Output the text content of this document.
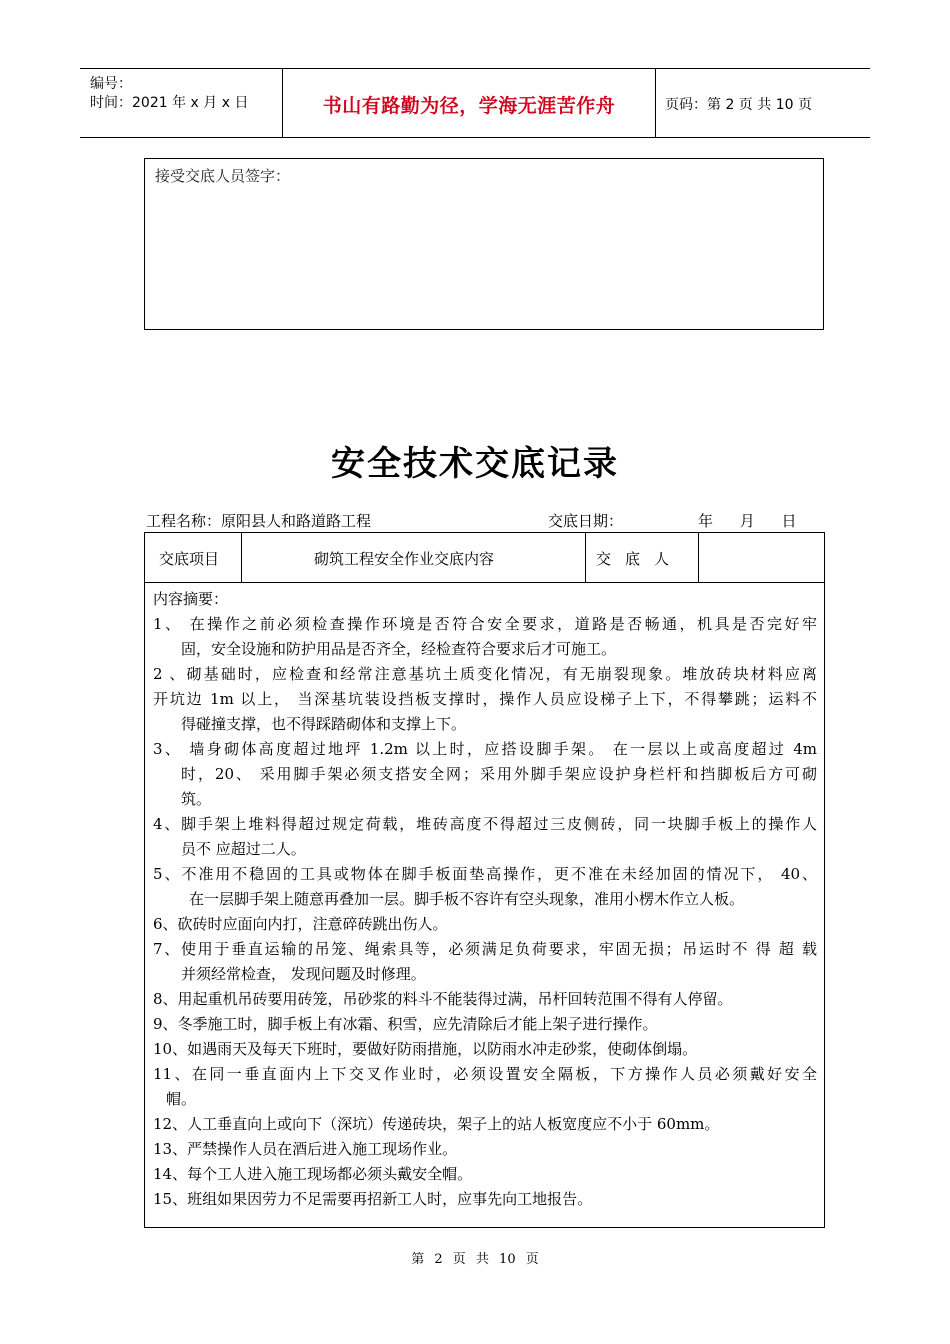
编号：
时间：2021 年 x 月 x 日	书山有路勤为径，学海无涯苦作舟	页码：第 2 页 共 10 页
接受交底人员签字：
安全技术交底记录
工程名称：原阳县人和路道路工程	交底日期：	年 月 日
交底项目	砌筑工程安全作业交底内容	交底人
内容摘要：
1、 在操作之前必须检查操作环境是否符合安全要求，道路是否畅通，机具是否完好牢
固，安全设施和防护用品是否齐全，经检查符合要求后才可施工。
2 、砌基础时，应检查和经常注意基坑土质变化情况，有无崩裂现象。堆放砖块材料应离
开坑边 1m 以上， 当深基坑装设挡板支撑时，操作人员应设梯子上下，不得攀跳；运料不
得碰撞支撑，也不得踩踏砌体和支撑上下。
3、 墙身砌体高度超过地坪 1.2m 以上时，应搭设脚手架。 在一层以上或高度超过 4m
时，20、 采用脚手架必须支搭安全网；采用外脚手架应设护身栏杆和挡脚板后方可砌
筑。
4、脚手架上堆料得超过规定荷载，堆砖高度不得超过三皮侧砖，同一块脚手板上的操作人
员不 应超过二人。
5、不准用不稳固的工具或物体在脚手板面垫高操作，更不准在未经加固的情况下， 40、
在一层脚手架上随意再叠加一层。脚手板不容许有空头现象，准用小楞木作立人板。
6、砍砖时应面向内打，注意碎砖跳出伤人。
7、使用于垂直运输的吊笼、绳索具等，必须满足负荷要求，牢固无损；吊运时不 得 超 载
并须经常检查， 发现问题及时修理。
8、用起重机吊砖要用砖笼，吊砂浆的料斗不能装得过满，吊杆回转范围不得有人停留。
9、冬季施工时，脚手板上有冰霜、积雪，应先清除后才能上架子进行操作。
10、如遇雨天及每天下班时，要做好防雨措施，以防雨水冲走砂浆，使砌体倒塌。
11、在同一垂直面内上下交叉作业时，必须设置安全隔板，下方操作人员必须戴好安全
帽。
12、人工垂直向上或向下（深坑）传递砖块，架子上的站人板宽度应不小于 60mm。
13、严禁操作人员在酒后进入施工现场作业。
14、每个工人进入施工现场都必须头戴安全帽。
15、班组如果因劳力不足需要再招新工人时，应事先向工地报告。
第 2 页 共 10 页
